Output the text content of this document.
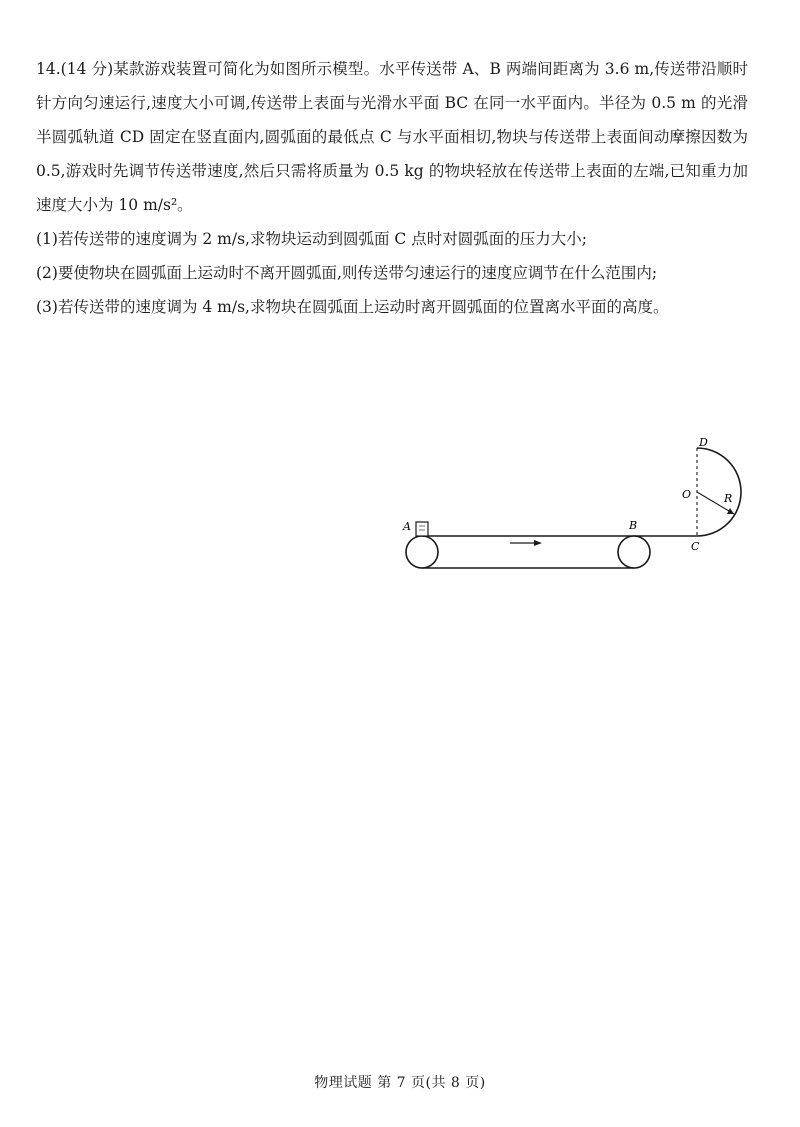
14.(14 分)某款游戏装置可简化为如图所示模型。水平传送带 A、B 两端间距离为 3.6 m,传送带沿顺时针方向匀速运行,速度大小可调,传送带上表面与光滑水平面 BC 在同一水平面内。半径为 0.5 m 的光滑半圆弧轨道 CD 固定在竖直面内,圆弧面的最低点 C 与水平面相切,物块与传送带上表面间动摩擦因数为 0.5,游戏时先调节传送带速度,然后只需将质量为 0.5 kg 的物块轻放在传送带上表面的左端,已知重力加速度大小为 10 m/s²。

(1)若传送带的速度调为 2 m/s,求物块运动到圆弧面 C 点时对圆弧面的压力大小;

(2)要使物块在圆弧面上运动时不离开圆弧面,则传送带匀速运行的速度应调节在什么范围内;

(3)若传送带的速度调为 4 m/s,求物块在圆弧面上运动时离开圆弧面的位置离水平面的高度。

A	B
C
D
O	R
物理试题 第 7 页(共 8 页)
